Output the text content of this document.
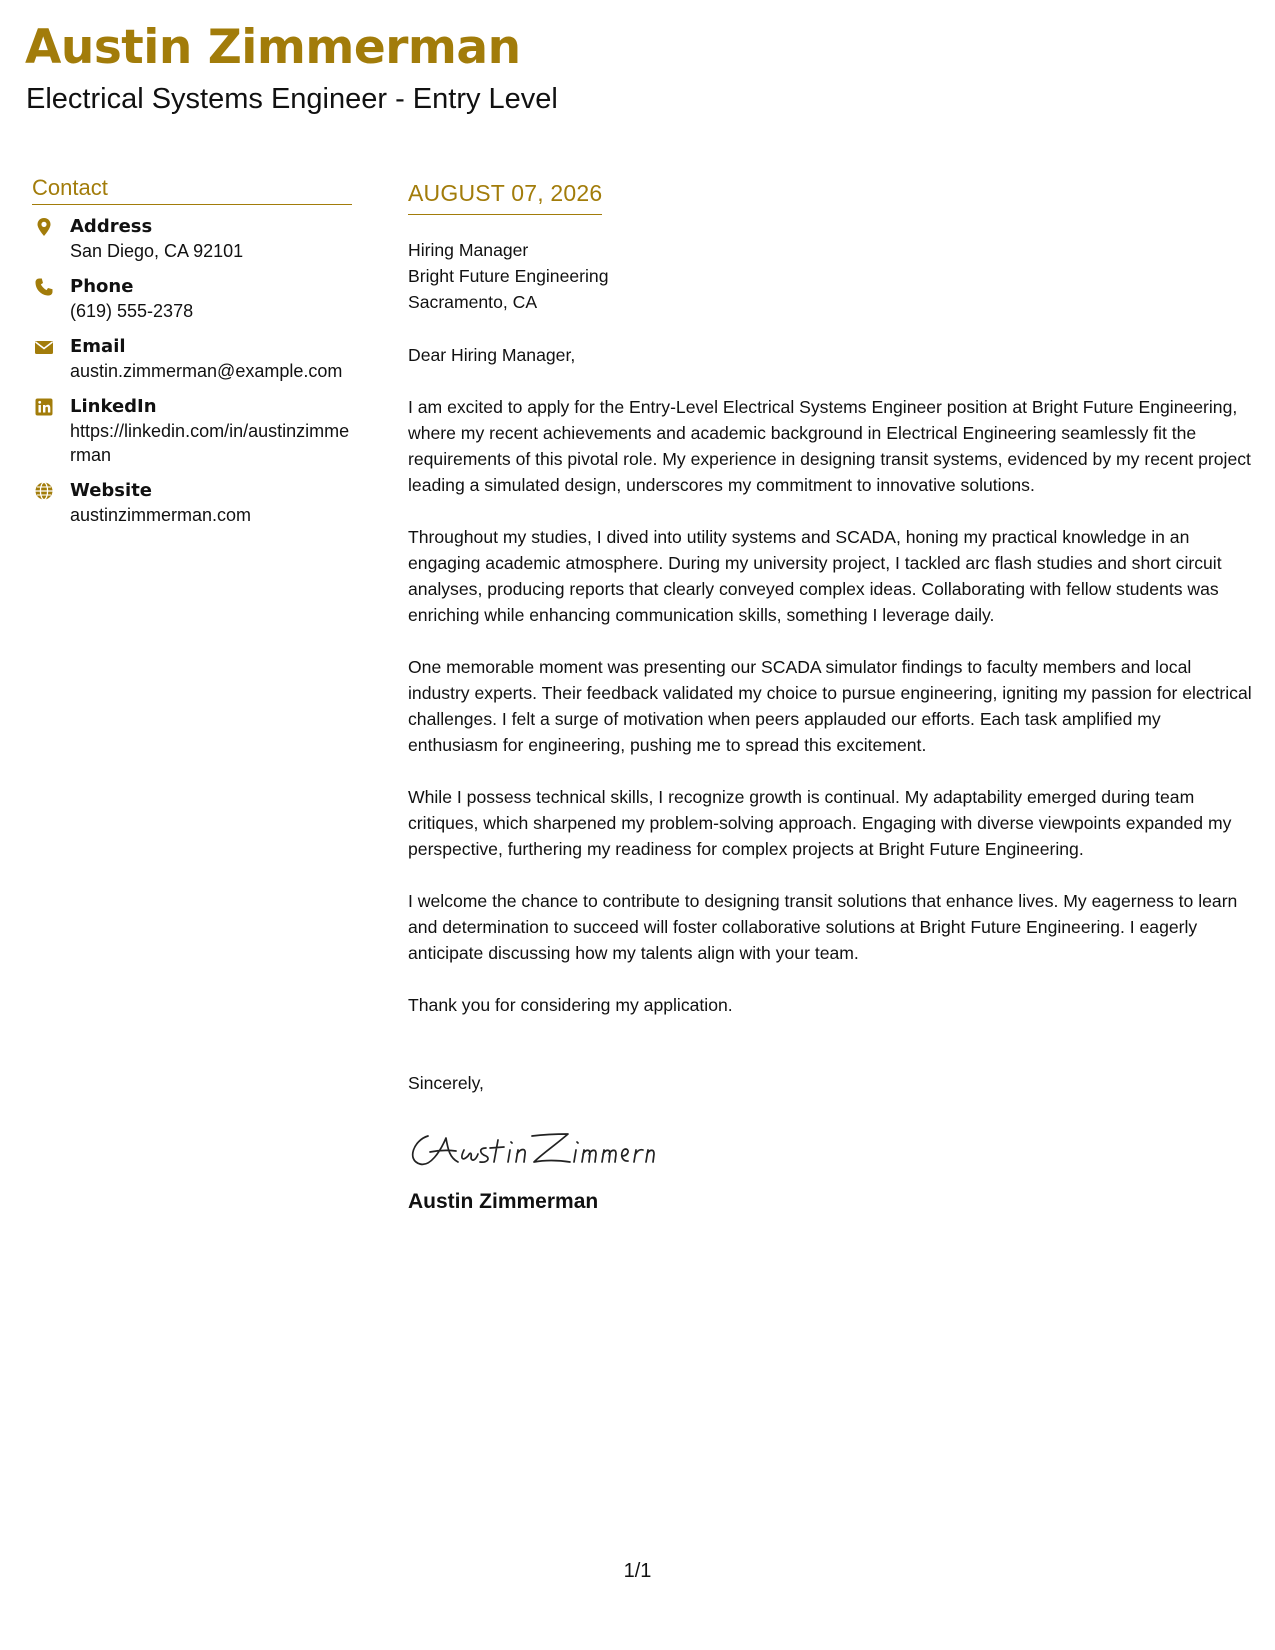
Austin Zimmerman
Electrical Systems Engineer - Entry Level
Contact
Address
San Diego, CA 92101
Phone
(619) 555-2378
Email
austin.zimmerman@example.com
LinkedIn
https://linkedin.com/in/austinzimmerman
Website
austinzimmerman.com
AUGUST 07, 2026

Hiring Manager

Bright Future Engineering

Sacramento, CA

Dear Hiring Manager,

I am excited to apply for the Entry-Level Electrical Systems Engineer position at Bright Future Engineering, where my recent achievements and academic background in Electrical Engineering seamlessly fit the requirements of this pivotal role. My experience in designing transit systems, evidenced by my recent project leading a simulated design, underscores my commitment to innovative solutions.

Throughout my studies, I dived into utility systems and SCADA, honing my practical knowledge in an engaging academic atmosphere. During my university project, I tackled arc flash studies and short circuit analyses, producing reports that clearly conveyed complex ideas. Collaborating with fellow students was enriching while enhancing communication skills, something I leverage daily.

One memorable moment was presenting our SCADA simulator findings to faculty members and local industry experts. Their feedback validated my choice to pursue engineering, igniting my passion for electrical challenges. I felt a surge of motivation when peers applauded our efforts. Each task amplified my enthusiasm for engineering, pushing me to spread this excitement.

While I possess technical skills, I recognize growth is continual. My adaptability emerged during team critiques, which sharpened my problem-solving approach. Engaging with diverse viewpoints expanded my perspective, furthering my readiness for complex projects at Bright Future Engineering.

I welcome the chance to contribute to designing transit solutions that enhance lives. My eagerness to learn and determination to succeed will foster collaborative solutions at Bright Future Engineering. I eagerly anticipate discussing how my talents align with your team.

Thank you for considering my application.

Sincerely,

Austin Zimmerman
1/1
